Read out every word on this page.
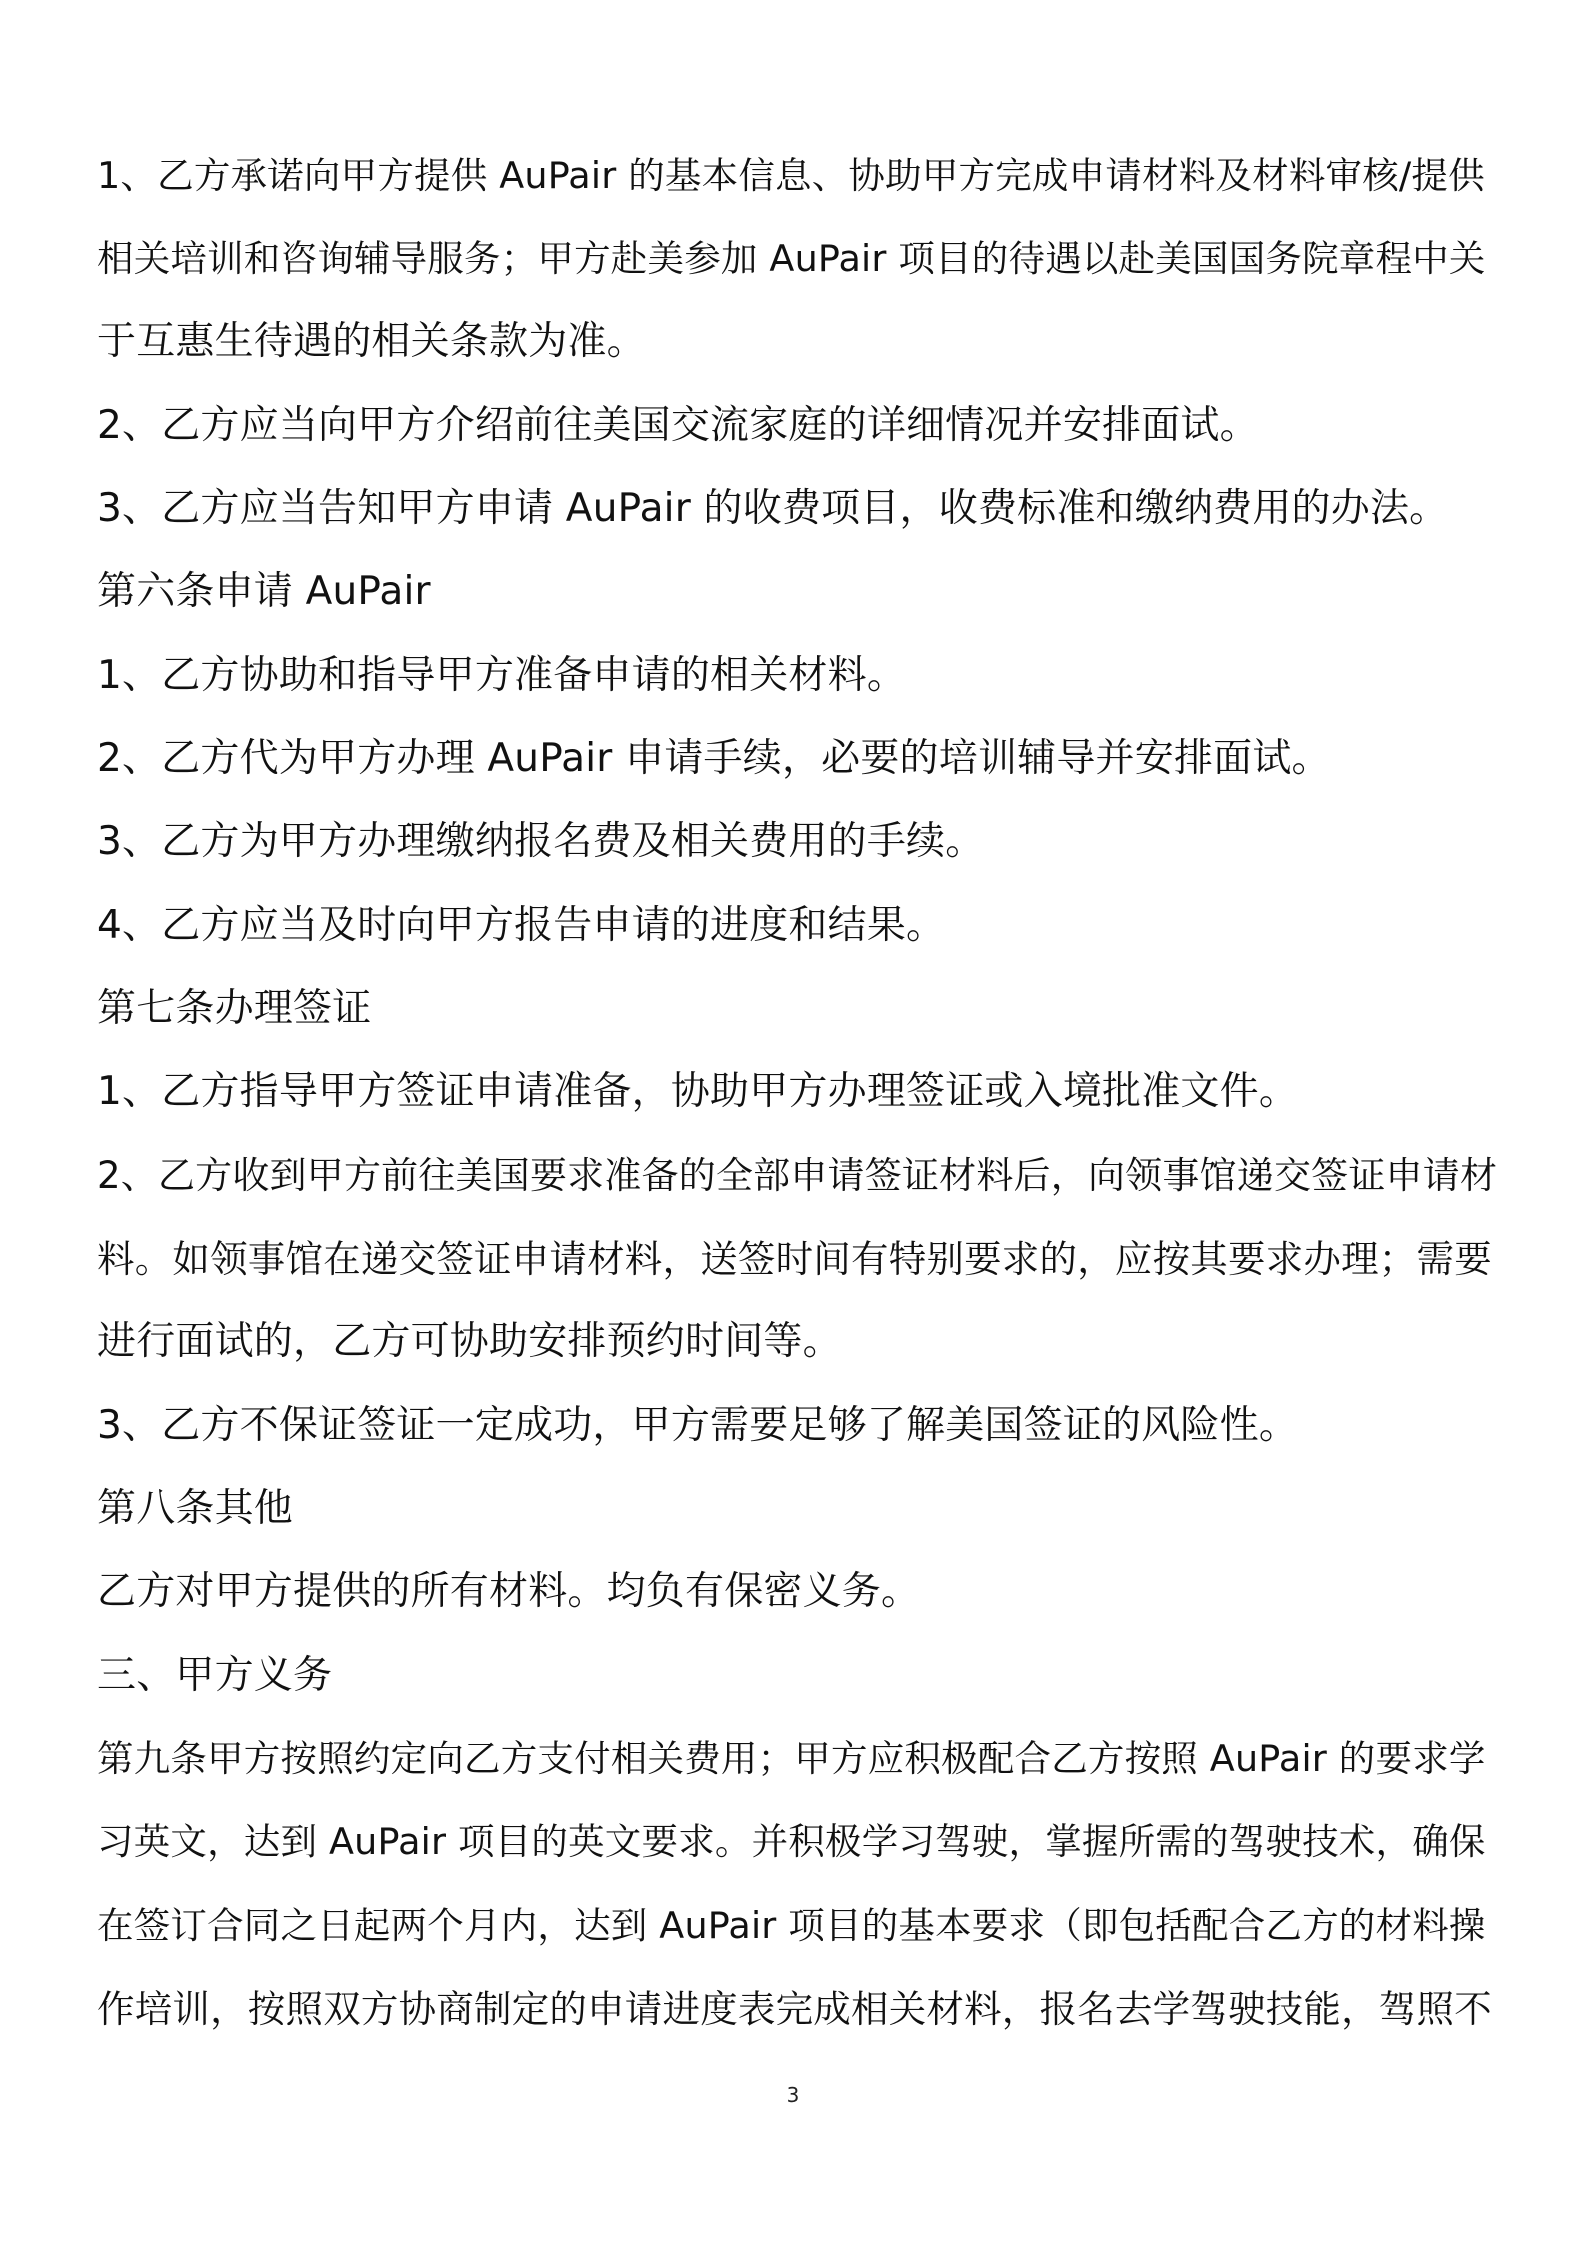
1、乙方承诺向甲方提供 AuPair 的基本信息、协助甲方完成申请材料及材料审核/提供
相关培训和咨询辅导服务；甲方赴美参加 AuPair 项目的待遇以赴美国国务院章程中关
于互惠生待遇的相关条款为准。
2、乙方应当向甲方介绍前往美国交流家庭的详细情况并安排面试。
3、乙方应当告知甲方申请 AuPair 的收费项目，收费标准和缴纳费用的办法。
第六条申请 AuPair
1、乙方协助和指导甲方准备申请的相关材料。
2、乙方代为甲方办理 AuPair 申请手续，必要的培训辅导并安排面试。
3、乙方为甲方办理缴纳报名费及相关费用的手续。
4、乙方应当及时向甲方报告申请的进度和结果。
第七条办理签证
1、乙方指导甲方签证申请准备，协助甲方办理签证或入境批准文件。
2、乙方收到甲方前往美国要求准备的全部申请签证材料后，向领事馆递交签证申请材
料。如领事馆在递交签证申请材料，送签时间有特别要求的，应按其要求办理；需要
进行面试的，乙方可协助安排预约时间等。
3、乙方不保证签证一定成功，甲方需要足够了解美国签证的风险性。
第八条其他
乙方对甲方提供的所有材料。均负有保密义务。
三、甲方义务
第九条甲方按照约定向乙方支付相关费用；甲方应积极配合乙方按照 AuPair 的要求学
习英文，达到 AuPair 项目的英文要求。并积极学习驾驶，掌握所需的驾驶技术，确保
在签订合同之日起两个月内，达到 AuPair 项目的基本要求（即包括配合乙方的材料操
作培训，按照双方协商制定的申请进度表完成相关材料，报名去学驾驶技能，驾照不
3
